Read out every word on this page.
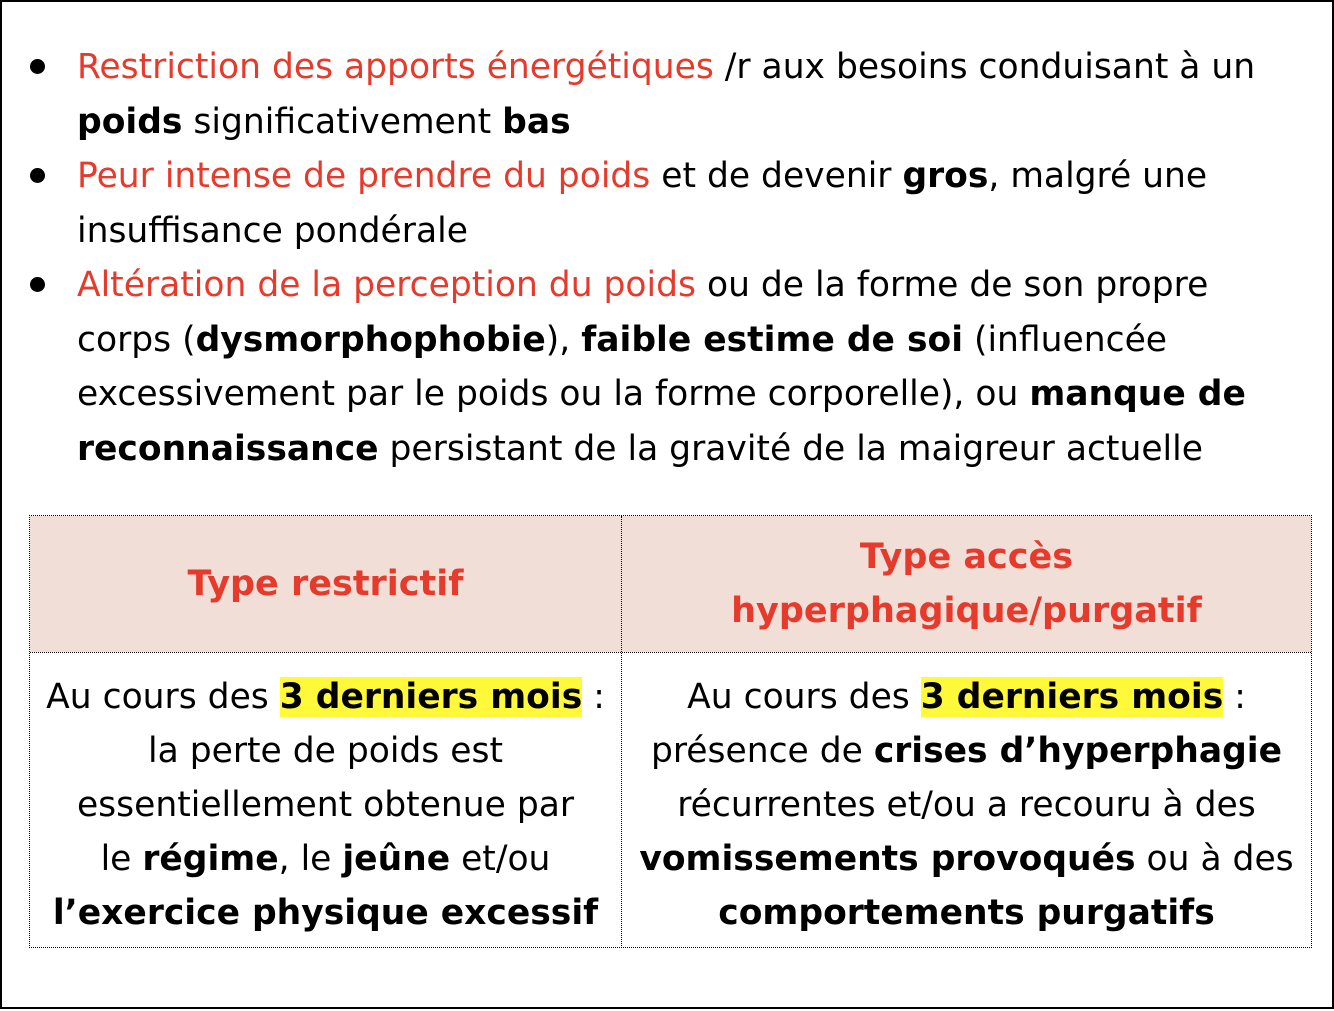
Restriction des apports énergétiques /r aux besoins conduisant à un
poids significativement bas
Peur intense de prendre du poids et de devenir gros, malgré une
insuffisance pondérale
Altération de la perception du poids ou de la forme de son propre
corps (dysmorphophobie), faible estime de soi (influencée
excessivement par le poids ou la forme corporelle), ou manque de
reconnaissance persistant de la gravité de la maigreur actuelle
Type restrictif
Type accès
hyperphagique/purgatif
Au cours des 3 derniers mois :
la perte de poids est
essentiellement obtenue par
le régime, le jeûne et/ou
l’exercice physique excessif
Au cours des 3 derniers mois :
présence de crises d’hyperphagie
récurrentes et/ou a recouru à des
vomissements provoqués ou à des
comportements purgatifs
